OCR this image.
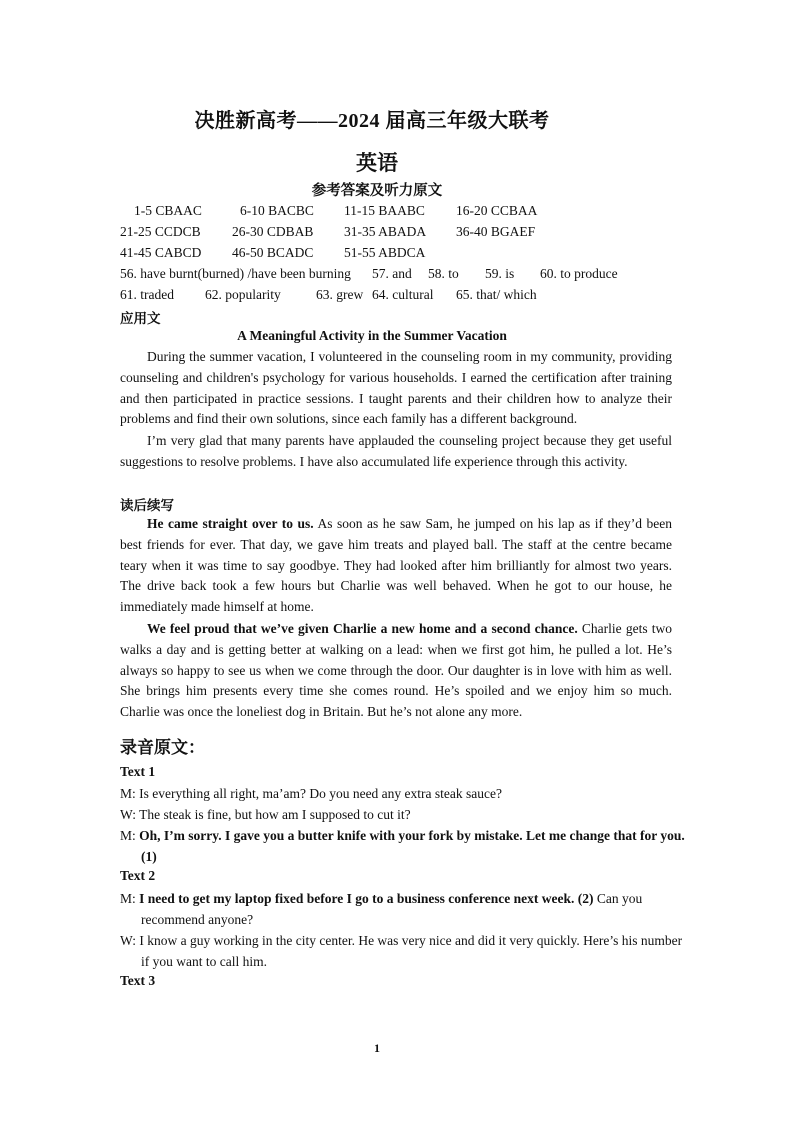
决胜新高考——2024 届高三年级大联考
英语
参考答案及听力原文
1-5 CBAAC	6-10 BACBC 11-15 BAABC 16-20 CCBAA
21-25 CCDCB 26-30 CDBAB 31-35 ABADA 36-40 BGAEF
41-45 CABCD 46-50 BCADC 51-55 ABDCA
56. have burnt(burned) /have been burning 57. and 58. to 59. is 60. to produce
61. traded 62. popularity	63. grew 64. cultural 65. that/ which
应用文
A Meaningful Activity in the Summer Vacation

During the summer vacation, I volunteered in the counseling room in my community, providing counseling and children's psychology for various households. I earned the certification after training and then participated in practice sessions. I taught parents and their children how to analyze their problems and find their own solutions, since each family has a different background.

I’m very glad that many parents have applauded the counseling project because they get useful suggestions to resolve problems. I have also accumulated life experience through this activity.

读后续写

He came straight over to us. As soon as he saw Sam, he jumped on his lap as if they’d been best friends for ever. That day, we gave him treats and played ball. The staff at the centre became teary when it was time to say goodbye. They had looked after him brilliantly for almost two years. The drive back took a few hours but Charlie was well behaved. When he got to our house, he immediately made himself at home.

We feel proud that we’ve given Charlie a new home and a second chance. Charlie gets two walks a day and is getting better at walking on a lead: when we first got him, he pulled a lot. He’s always so happy to see us when we come through the door. Our daughter is in love with him as well. She brings him presents every time she comes round. He’s spoiled and we enjoy him so much. Charlie was once the loneliest dog in Britain. But he’s not alone any more.

录音原文：
Text 1

M: Is everything all right, ma’am? Do you need any extra steak sauce?

W: The steak is fine, but how am I supposed to cut it?

M: Oh, I’m sorry. I gave you a butter knife with your fork by mistake. Let me change that for you. (1)

Text 2

M: I need to get my laptop fixed before I go to a business conference next week. (2) Can you recommend anyone?

W: I know a guy working in the city center. He was very nice and did it very quickly. Here’s his number if you want to call him.

Text 3
1
